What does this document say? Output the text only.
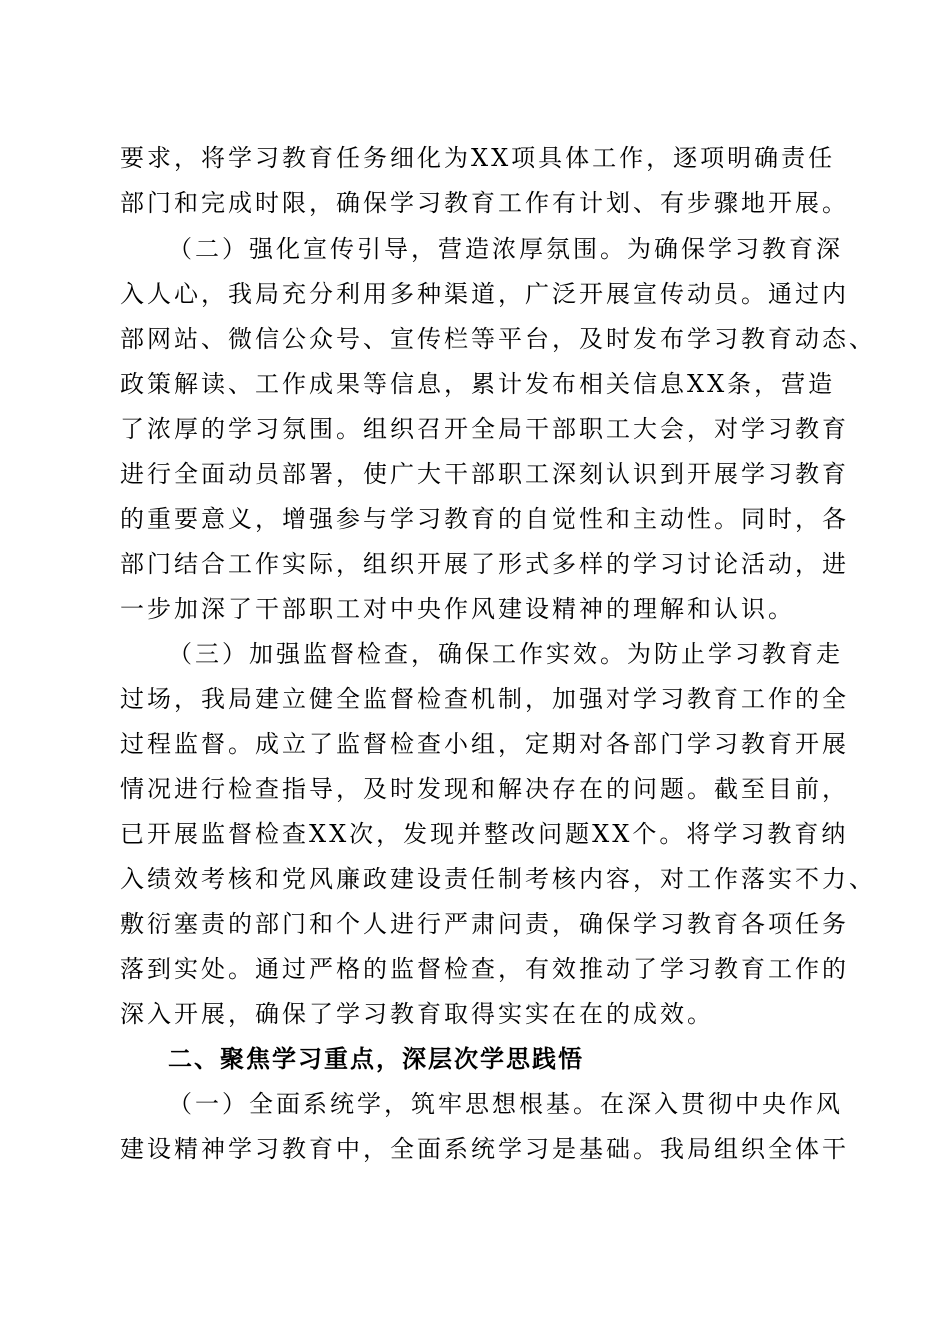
要求，将学习教育任务细化为XX项具体工作，逐项明确责任
部门和完成时限，确保学习教育工作有计划、有步骤地开展。
（二）强化宣传引导，营造浓厚氛围。为确保学习教育深
入人心，我局充分利用多种渠道，广泛开展宣传动员。通过内
部网站、微信公众号、宣传栏等平台，及时发布学习教育动态、
政策解读、工作成果等信息，累计发布相关信息XX条，营造
了浓厚的学习氛围。组织召开全局干部职工大会，对学习教育
进行全面动员部署，使广大干部职工深刻认识到开展学习教育
的重要意义，增强参与学习教育的自觉性和主动性。同时，各
部门结合工作实际，组织开展了形式多样的学习讨论活动，进
一步加深了干部职工对中央作风建设精神的理解和认识。
（三）加强监督检查，确保工作实效。为防止学习教育走
过场，我局建立健全监督检查机制，加强对学习教育工作的全
过程监督。成立了监督检查小组，定期对各部门学习教育开展
情况进行检查指导，及时发现和解决存在的问题。截至目前，
已开展监督检查XX次，发现并整改问题XX个。将学习教育纳
入绩效考核和党风廉政建设责任制考核内容，对工作落实不力、
敷衍塞责的部门和个人进行严肃问责，确保学习教育各项任务
落到实处。通过严格的监督检查，有效推动了学习教育工作的
深入开展，确保了学习教育取得实实在在的成效。
二、聚焦学习重点，深层次学思践悟
（一）全面系统学，筑牢思想根基。在深入贯彻中央作风
建设精神学习教育中，全面系统学习是基础。我局组织全体干
